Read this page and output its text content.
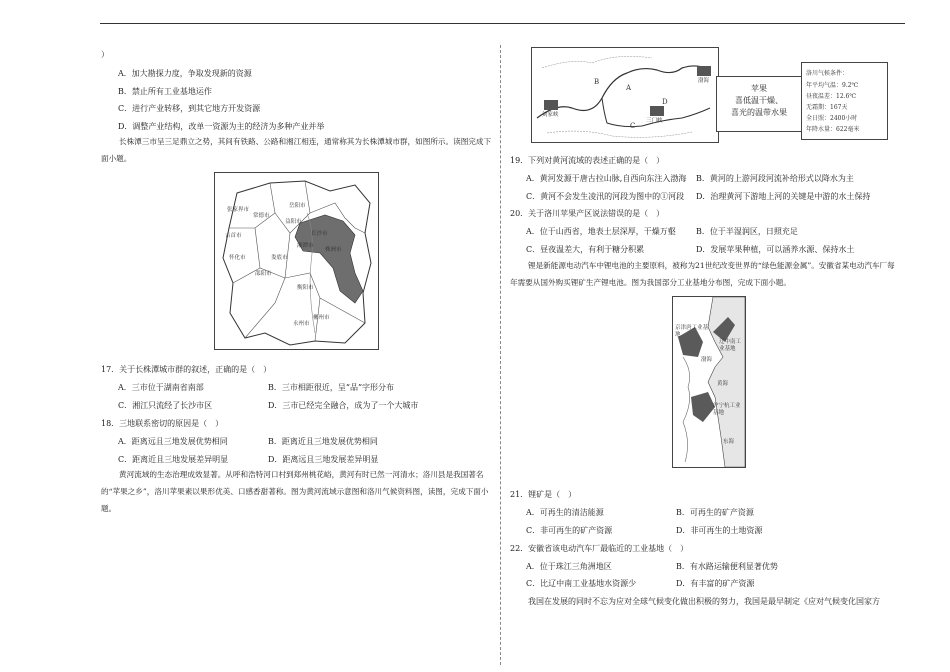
）
A．加大勘探力度，争取发现新的资源
B．禁止所有工业基地运作
C．进行产业转移，到其它地方开发资源
D．调整产业结构，改单一资源为主的经济为多种产业并举
长株潭三市呈三足鼎立之势，其间有铁路、公路和湘江相连，通常称其为长株潭城市群，如图所示。读图完成下面小题。
岳阳市
常德市
益阳市
张家界市
长沙市
湘潭市
株洲市
娄底市
邵阳市
衡阳市
怀化市
永州市
郴州市
吉首市
17．关于长株潭城市群的叙述，正确的是（　）
A．三市位于湖南省南部	B．三市相距很近，呈“品”字形分布
C．湘江只流经了长沙市区	D．三市已经完全融合，成为了一个大城市
18．三地联系密切的原因是（　）
A．距离远且三地发展优势相同	B．距离近且三地发展优势相同
C．距离近且三地发展差异明显	D．距离远且三地发展差异明显
黄河流域的生态治理成效显著。从呼和浩特河口村到郑州桃花峪，黄河有时已然一河清水；洛川县是我国著名的“苹果之乡”，洛川苹果素以果形优美、口感香甜著称。图为黄河流域示意图和洛川气候资料图，读图，完成下面小题。
刘家峡
三门峡
渤海
A
B
C
D
苹果
喜低温干燥、
喜光的温带水果
洛川气候条件：
年平均气温：9.2℃
昼夜温差：12.6℃
无霜期：167天
全日照：2400小时
年降水量：622毫米
19．下列对黄河流域的表述正确的是（　）
A．黄河发源于唐古拉山脉,自西向东注入渤海 B．黄河的上游河段河流补给形式以降水为主
C．黄河不会发生凌汛的河段为图中的①河段 D．治理黄河下游地上河的关键是中游的水土保持
20．关于洛川苹果产区说法错误的是（　）
A．位于山西省，地表土层深厚，干燥万壑	B．位于半湿润区，日照充足
C．昼夜温差大，有利于糖分积累	D．发展苹果种植，可以涵养水源、保持水土
锂是新能源电动汽车中锂电池的主要原料，被称为21世纪改变世界的“绿色能源金属”。安徽省某电动汽车厂每年需要从国外购买锂矿生产锂电池。图为我国部分工业基地分布图，完成下面小题。
京津唐工业基地
辽中南工业基地
渤海
黄海
沪宁杭工业基地
东海
21．锂矿是（　）
A．可再生的清洁能源	B．可再生的矿产资源
C．非可再生的矿产资源	D．非可再生的土地资源
22．安徽省该电动汽车厂最临近的工业基地（　）
A．位于珠江三角洲地区	B．有水路运输便利显著优势
C．比辽中南工业基地水资源少	D．有丰富的矿产资源
我国在发展的同时不忘为应对全球气候变化做出积极的努力，我国是最早制定《应对气候变化国家方
